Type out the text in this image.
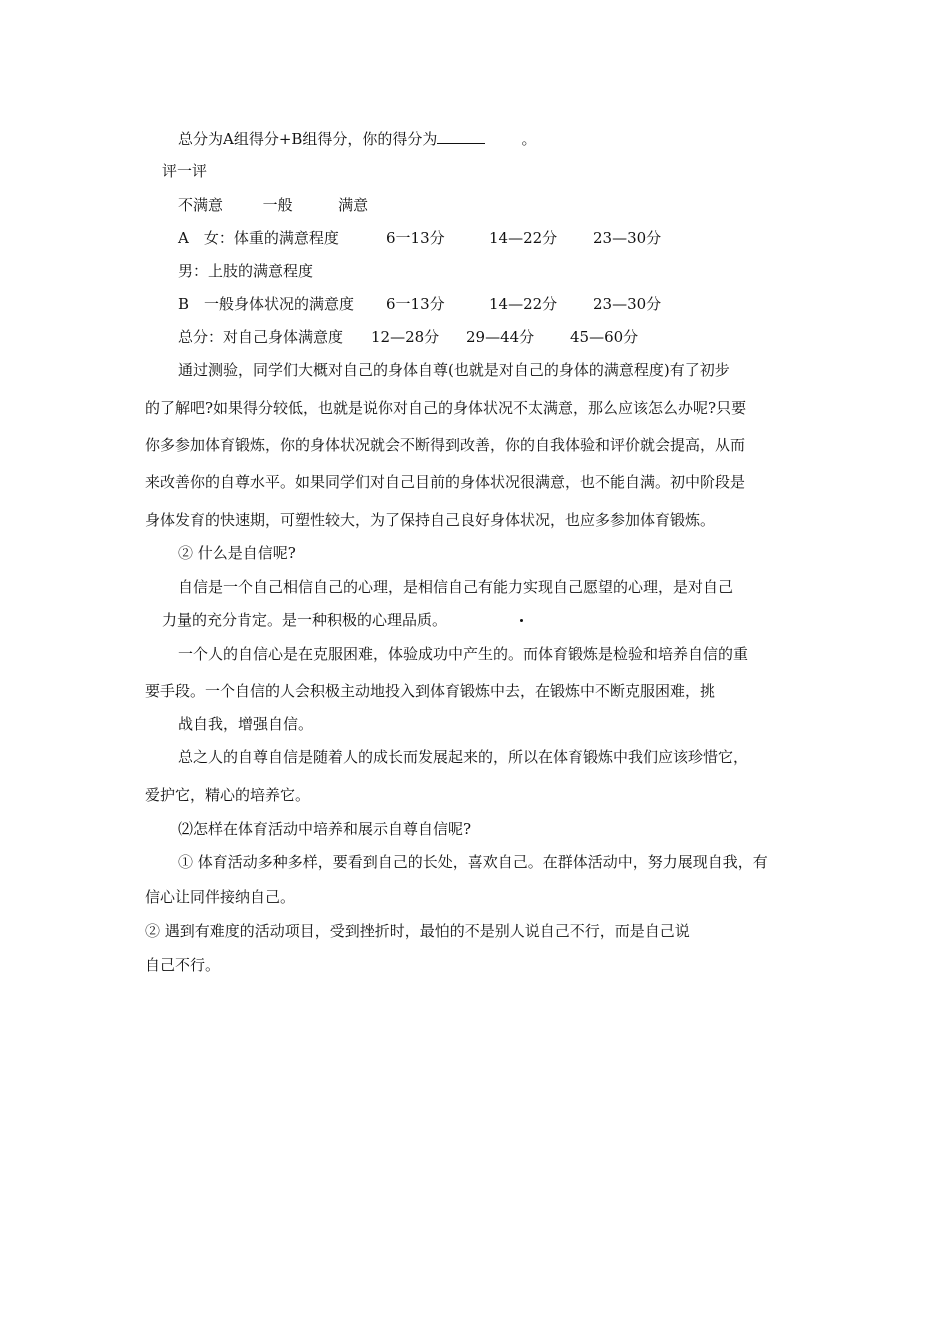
总分为A组得分+B组得分，你的得分为	。
评一评
不满意	一般	满意
A　女：体重的满意程度	6一13分	14—22分 23—30分
男：上肢的满意程度
B　一般身体状况的满意度 6一13分	14—22分 23—30分
总分：对自己身体满意度 12—28分 29—44分 45—60分
通过测验，同学们大概对自己的身体自尊(也就是对自己的身体的满意程度)有了初步
的了解吧?如果得分较低，也就是说你对自己的身体状况不太满意，那么应该怎么办呢?只要
你多参加体育锻炼，你的身体状况就会不断得到改善，你的自我体验和评价就会提高，从而
来改善你的自尊水平。如果同学们对自己目前的身体状况很满意，也不能自满。初中阶段是
身体发育的快速期，可塑性较大，为了保持自己良好身体状况，也应多参加体育锻炼。
② 什么是自信呢?
自信是一个自己相信自己的心理，是相信自己有能力实现自己愿望的心理，是对自己
力量的充分肯定。是一种积极的心理品质。
一个人的自信心是在克服困难，体验成功中产生的。而体育锻炼是检验和培养自信的重
要手段。一个自信的人会积极主动地投入到体育锻炼中去，在锻炼中不断克服困难，挑
战自我，增强自信。
总之人的自尊自信是随着人的成长而发展起来的，所以在体育锻炼中我们应该珍惜它，
爱护它，精心的培养它。
⑵怎样在体育活动中培养和展示自尊自信呢?
① 体育活动多种多样，要看到自己的长处，喜欢自己。在群体活动中，努力展现自我，有
信心让同伴接纳自己。
② 遇到有难度的活动项目，受到挫折时，最怕的不是别人说自己不行，而是自己说
自己不行。
